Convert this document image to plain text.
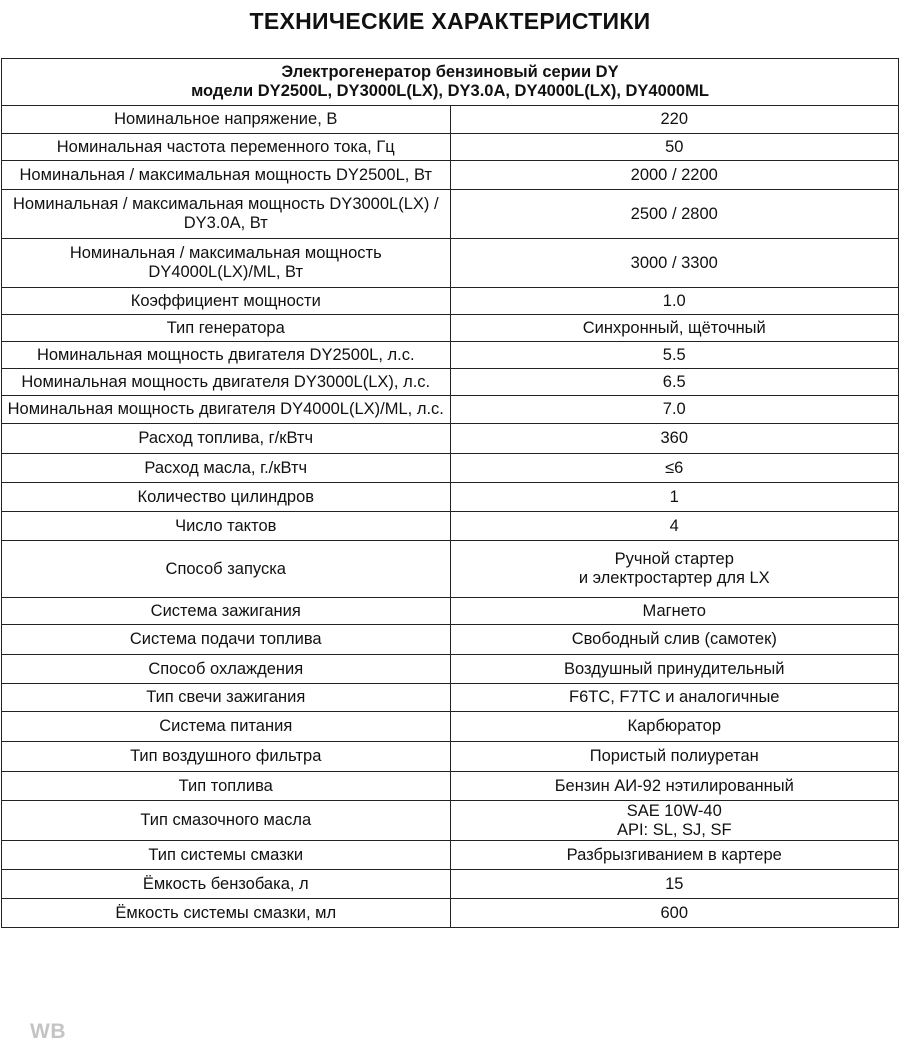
ТЕХНИЧЕСКИЕ ХАРАКТЕРИСТИКИ
Электрогенератор бензиновый серии DY
модели DY2500L, DY3000L(LX), DY3.0A, DY4000L(LX), DY4000ML	
Номинальное напряжение, В	220
Номинальная частота переменного тока, Гц	50
Номинальная / максимальная мощность DY2500L, Вт	2000 / 2200
Номинальная / максимальная мощность DY3000L(LX) /
DY3.0A, Вт	2500 / 2800
Номинальная / максимальная мощность
DY4000L(LX)/ML, Вт	3000 / 3300
Коэффициент мощности	1.0
Тип генератора	Синхронный, щёточный
Номинальная мощность двигателя DY2500L, л.с.	5.5
Номинальная мощность двигателя DY3000L(LX), л.с.	6.5
Номинальная мощность двигателя DY4000L(LX)/ML, л.с.	7.0
Расход топлива, г/кВтч	360
Расход масла, г./кВтч	≤6
Количество цилиндров	1
Число тактов	4
Способ запуска	Ручной стартер
и электростартер для LX
Система зажигания	Магнето
Система подачи топлива	Свободный слив (самотек)
Способ охлаждения	Воздушный принудительный
Тип свечи зажигания	F6TC, F7TC и аналогичные
Система питания	Карбюратор
Тип воздушного фильтра	Пористый полиуретан
Тип топлива	Бензин АИ-92 нэтилированный
Тип смазочного масла	SAE 10W-40
API: SL, SJ, SF
Тип системы смазки	Разбрызгиванием в картере
Ёмкость бензобака, л	15
Ёмкость системы смазки, мл	600
WB
